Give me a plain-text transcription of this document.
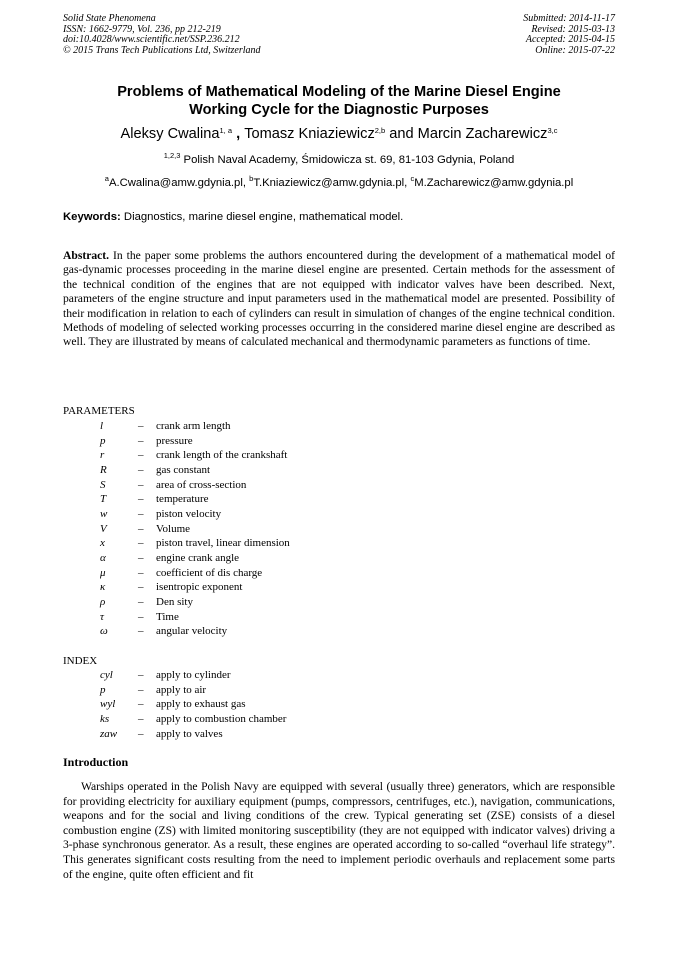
Solid State Phenomena
ISSN: 1662-9779, Vol. 236, pp 212-219
doi:10.4028/www.scientific.net/SSP.236.212
© 2015 Trans Tech Publications Ltd, Switzerland
Submitted: 2014-11-17
Revised: 2015-03-13
Accepted: 2015-04-15
Online: 2015-07-22
Problems of Mathematical Modeling of the Marine Diesel Engine
Working Cycle for the Diagnostic Purposes
Aleksy Cwalina$^{1, a}$ , Tomasz Kniaziewicz$^{2,b}$ and Marcin Zacharewicz$^{3,c}$
$^{1,2,3}$ Polish Naval Academy, Śmidowicza st. 69, 81-103 Gdynia, Poland
$^a$A.Cwalina@amw.gdynia.pl, $^b$T.Kniaziewicz@amw.gdynia.pl, $^c$M.Zacharewicz@amw.gdynia.pl
Keywords: Diagnostics, marine diesel engine, mathematical model.
Abstract. In the paper some problems the authors encountered during the development of a mathematical model of gas-dynamic processes proceeding in the marine diesel engine are presented. Certain methods for the assessment of the technical condition of the engines that are not equipped with indicator valves have been described. Next, parameters of the engine structure and input parameters used in the mathematical model are presented. Possibility of their modification in relation to each of cylinders can result in simulation of changes of the engine technical condition. Methods of modeling of selected working processes occurring in the considered marine diesel engine are described as well. They are illustrated by means of calculated mechanical and thermodynamic parameters as functions of time.
PARAMETERS
l	– crank arm length
p	– pressure
r	– crank length of the crankshaft
R	– gas constant
S	– area of cross-section
T	– temperature
w	– piston velocity
V	– Volume
x	– piston travel, linear dimension
α	– engine crank angle
μ	– coefficient of dis charge
κ	– isentropic exponent
ρ	– Den sity
τ	– Time
ω	– angular velocity
INDEX
cyl – apply to cylinder
p	– apply to air
wyl – apply to exhaust gas
ks	– apply to combustion chamber
zaw – apply to valves
Introduction
Warships operated in the Polish Navy are equipped with several (usually three) generators, which are responsible for providing electricity for auxiliary equipment (pumps, compressors, centrifuges, etc.), navigation, communications, weapons and for the social and living conditions of the crew. Typical generating set (ZSE) consists of a diesel combustion engine (ZS) with limited monitoring susceptibility (they are not equipped with indicator valves) driving a 3-phase synchronous generator. As a result, these engines are operated according to so-called “overhaul life strategy”. This generates significant costs resulting from the need to implement periodic overhauls and replacement some parts of the engine, quite often efficient and fit
